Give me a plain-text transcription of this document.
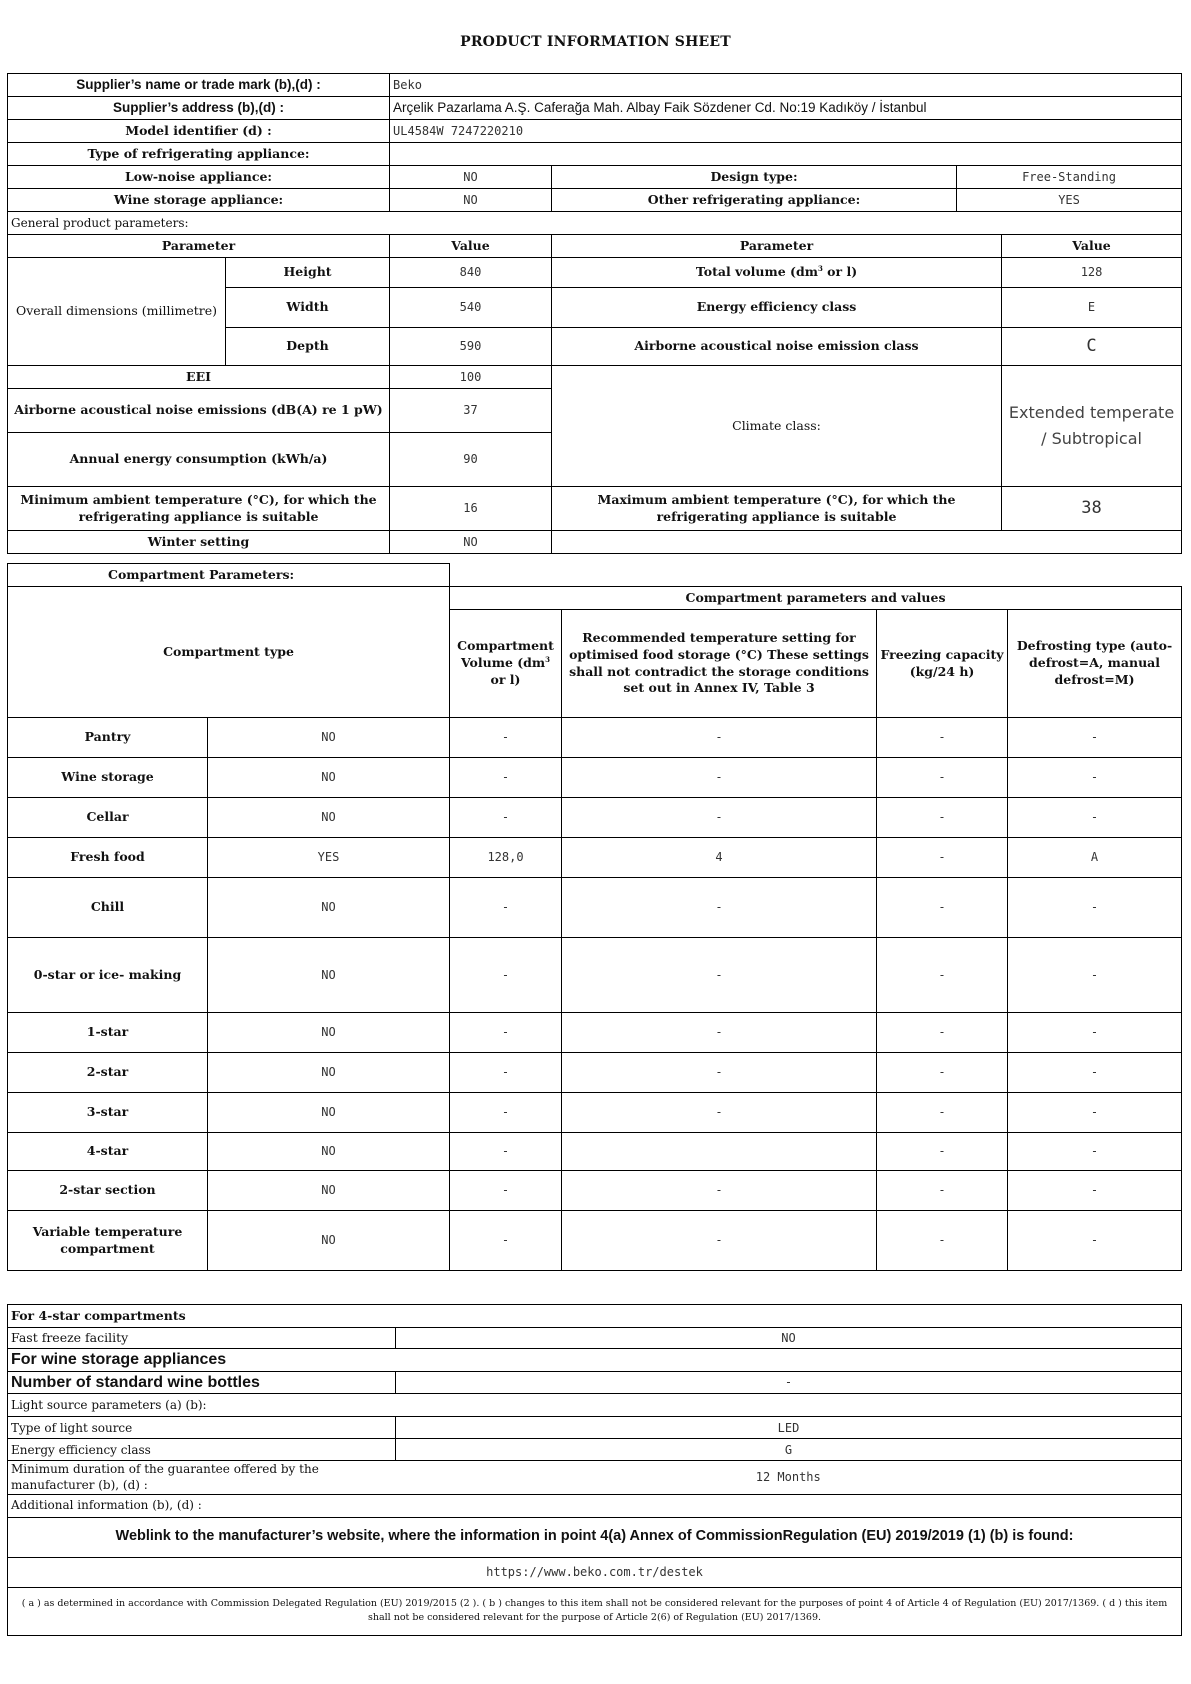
PRODUCT INFORMATION SHEET
Supplier’s name or trade mark (b),(d) :		Beko			
Supplier’s address (b),(d) :		Arçelik Pazarlama A.Ş. Caferağa Mah. Albay Faik Sözdener Cd. No:19 Kadıköy / İstanbul			
Model identifier (d) :		UL4584W 7247220210			
Type of refrigerating appliance:					
Low-noise appliance:		NO	Design type:	Free-Standing	
Wine storage appliance:		NO	Other refrigerating appliance:	YES	
General product parameters:					
Parameter		Value	Parameter		Value
Overall dimensions (millimetre)	Height	840	Total volume ($dm^3$ or l)		128
	Width	540	Energy efficiency class		E
	Depth	590	Airborne acoustical noise emission class		C
EEI		100	Climate class:		Extended temperate
/ Subtropical

Airborne acoustical noise emissions (dB(A) re 1 pW)		37			
Annual energy consumption (kWh/a)		90			
Minimum ambient temperature (°C), for which the refrigerating appliance is suitable		16	Maximum ambient temperature (°C), for which the refrigerating appliance is suitable		38
Winter setting		NO			
Compartment Parameters:					
Compartment type		Compartment parameters and values			
		Compartment Volume ($dm^3$ or l)	Recommended temperature setting for optimised food storage (°C) These settings shall not contradict the storage conditions set out in Annex IV, Table 3	Freezing capacity (kg/24 h)	Defrosting type (auto-defrost=A, manual defrost=M)
Pantry	NO	-	-	-	-
Wine storage	NO	-	-	-	-
Cellar	NO	-	-	-	-
Fresh food	YES	128,0	4	-	A
Chill	NO	-	-	-	-
0-star or ice- making	NO	-	-	-	-
1-star	NO	-	-	-	-
2-star	NO	-	-	-	-
3-star	NO	-	-	-	-
4-star	NO	-		-	-
2-star section	NO	-	-	-	-
Variable temperature compartment	NO	-	-	-	-
For 4-star compartments	
Fast freeze facility	NO
For wine storage appliances	
Number of standard wine bottles	-
Light source parameters (a) (b):	
Type of light source	LED
Energy efficiency class	G
Minimum duration of the guarantee offered by the manufacturer (b), (d) :	12 Months
Additional information (b), (d) :	
Weblink to the manufacturer’s website, where the information in point 4(a) Annex of CommissionRegulation (EU) 2019/2019 (1) (b) is found:	
https://www.beko.com.tr/destek	
( a ) as determined in accordance with Commission Delegated Regulation (EU) 2019/2015 (2 ). ( b ) changes to this item shall not be considered relevant for the purposes of point 4 of Article 4 of Regulation (EU) 2017/1369. ( d ) this item shall not be considered relevant for the purpose of Article 2(6) of Regulation (EU) 2017/1369.	
